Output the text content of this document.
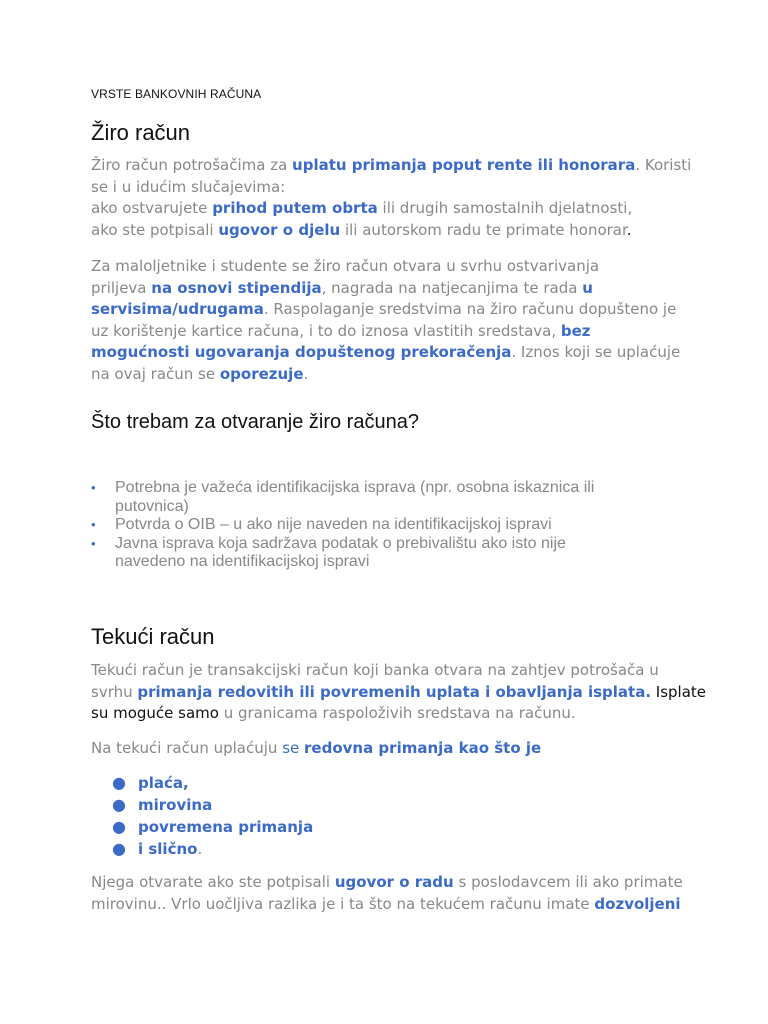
VRSTE BANKOVNIH RAČUNA
Žiro račun
Žiro račun potrošačima za uplatu primanja poput rente ili honorara. Koristi
se i u idućim slučajevima:
ako ostvarujete prihod putem obrta ili drugih samostalnih djelatnosti,
ako ste potpisali ugovor o djelu ili autorskom radu te primate honorar.
Za maloljetnike i studente se žiro račun otvara u svrhu ostvarivanja
priljeva na osnovi stipendija, nagrada na natjecanjima te rada u
servisima/udrugama. Raspolaganje sredstvima na žiro računu dopušteno je
uz korištenje kartice računa, i to do iznosa vlastitih sredstava, bez
mogućnosti ugovaranja dopuštenog prekoračenja. Iznos koji se uplaćuje
na ovaj račun se oporezuje.
Što trebam za otvaranje žiro računa?
• Potrebna je važeća identifikacijska isprava (npr. osobna iskaznica ili
putovnica)
• Potvrda o OIB – u ako nije naveden na identifikacijskoj ispravi
• Javna isprava koja sadržava podatak o prebivalištu ako isto nije
navedeno na identifikacijskoj ispravi
Tekući račun
Tekući račun je transakcijski račun koji banka otvara na zahtjev potrošača u
svrhu primanja redovitih ili povremenih uplata i obavljanja isplata. Isplate
su moguće samo u granicama raspoloživih sredstava na računu.
Na tekući račun uplaćuju se redovna primanja kao što je
● plaća,
● mirovina
● povremena primanja
● i slično.
Njega otvarate ako ste potpisali ugovor o radu s poslodavcem ili ako primate
mirovinu.. Vrlo uočljiva razlika je i ta što na tekućem računu imate dozvoljeni
